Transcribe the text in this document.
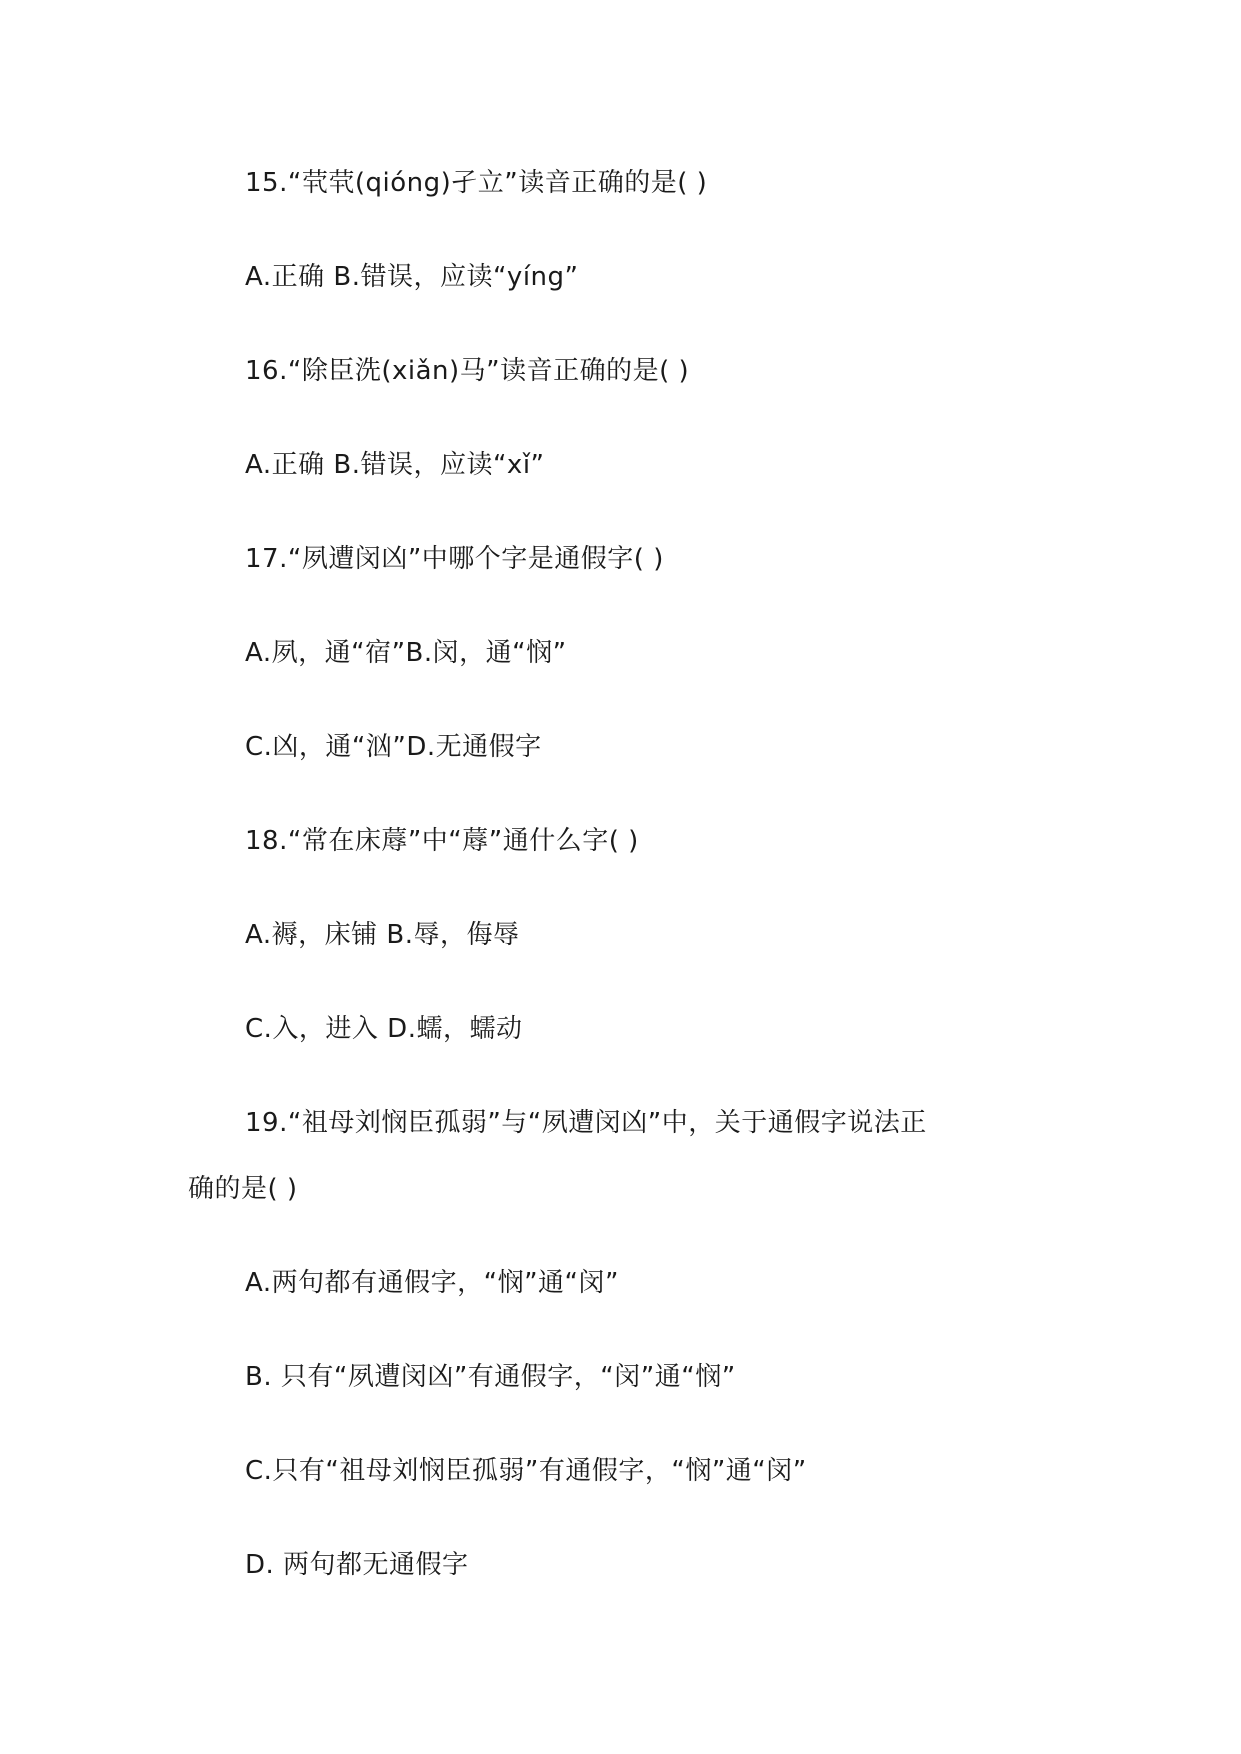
15.“茕茕(qióng)孑立”读音正确的是( )
A.正确 B.错误，应读“yíng”
16.“除臣洗(xiǎn)马”读音正确的是( )
A.正确 B.错误，应读“xǐ”
17.“夙遭闵凶”中哪个字是通假字( )
A.夙，通“宿”B.闵，通“悯”
C.凶，通“汹”D.无通假字
18.“常在床蓐”中“蓐”通什么字( )
A.褥，床铺 B.辱，侮辱
C.入，进入 D.蠕，蠕动
19.“祖母刘悯臣孤弱”与“夙遭闵凶”中，关于通假字说法正
确的是( )
A.两句都有通假字，“悯”通“闵”
B. 只有“夙遭闵凶”有通假字，“闵”通“悯”
C.只有“祖母刘悯臣孤弱”有通假字，“悯”通“闵”
D. 两句都无通假字
